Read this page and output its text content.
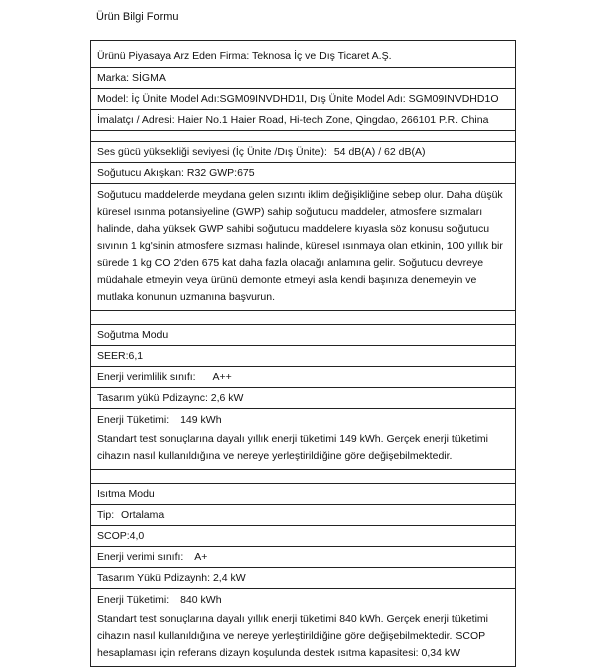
Ürün Bilgi Formu
Ürünü Piyasaya Arz Eden Firma: Teknosa İç ve Dış Ticaret A.Ş.
Marka: SİGMA
Model: İç Ünite Model Adı:SGM09INVDHD1I, Dış Ünite Model Adı: SGM09INVDHD1O
İmalatçı / Adresi: Haier No.1 Haier Road, Hi-tech Zone, Qingdao, 266101 P.R. China
Ses gücü yüksekliği seviyesi (İç Ünite /Dış Ünite): 54 dB(A) / 62 dB(A)
Soğutucu Akışkan: R32 GWP:675
Soğutucu maddelerde meydana gelen sızıntı iklim değişikliğine sebep olur. Daha düşük küresel ısınma potansiyeline (GWP) sahip soğutucu maddeler, atmosfere sızmaları halinde, daha yüksek GWP sahibi soğutucu maddelere kıyasla söz konusu soğutucu sıvının 1 kg'sinin atmosfere sızması halinde, küresel ısınmaya olan etkinin, 100 yıllık bir sürede 1 kg CO 2'den 675 kat daha fazla olacağı anlamına gelir. Soğutucu devreye müdahale etmeyin veya ürünü demonte etmeyi asla kendi başınıza denemeyin ve mutlaka konunun uzmanına başvurun.
Soğutma Modu
SEER:6,1
Enerji verimlilik sınıfı: A++
Tasarım yükü Pdizaync: 2,6 kW
Enerji Tüketimi: 149 kWh
Standart test sonuçlarına dayalı yıllık enerji tüketimi 149 kWh. Gerçek enerji tüketimi cihazın nasıl kullanıldığına ve nereye yerleştirildiğine göre değişebilmektedir.
Isıtma Modu
Tip: Ortalama
SCOP:4,0
Enerji verimi sınıfı: A+
Tasarım Yükü Pdizaynh: 2,4 kW
Enerji Tüketimi: 840 kWh
Standart test sonuçlarına dayalı yıllık enerji tüketimi 840 kWh. Gerçek enerji tüketimi cihazın nasıl kullanıldığına ve nereye yerleştirildiğine göre değişebilmektedir. SCOP hesaplaması için referans dizayn koşulunda destek ısıtma kapasitesi: 0,34 kW
